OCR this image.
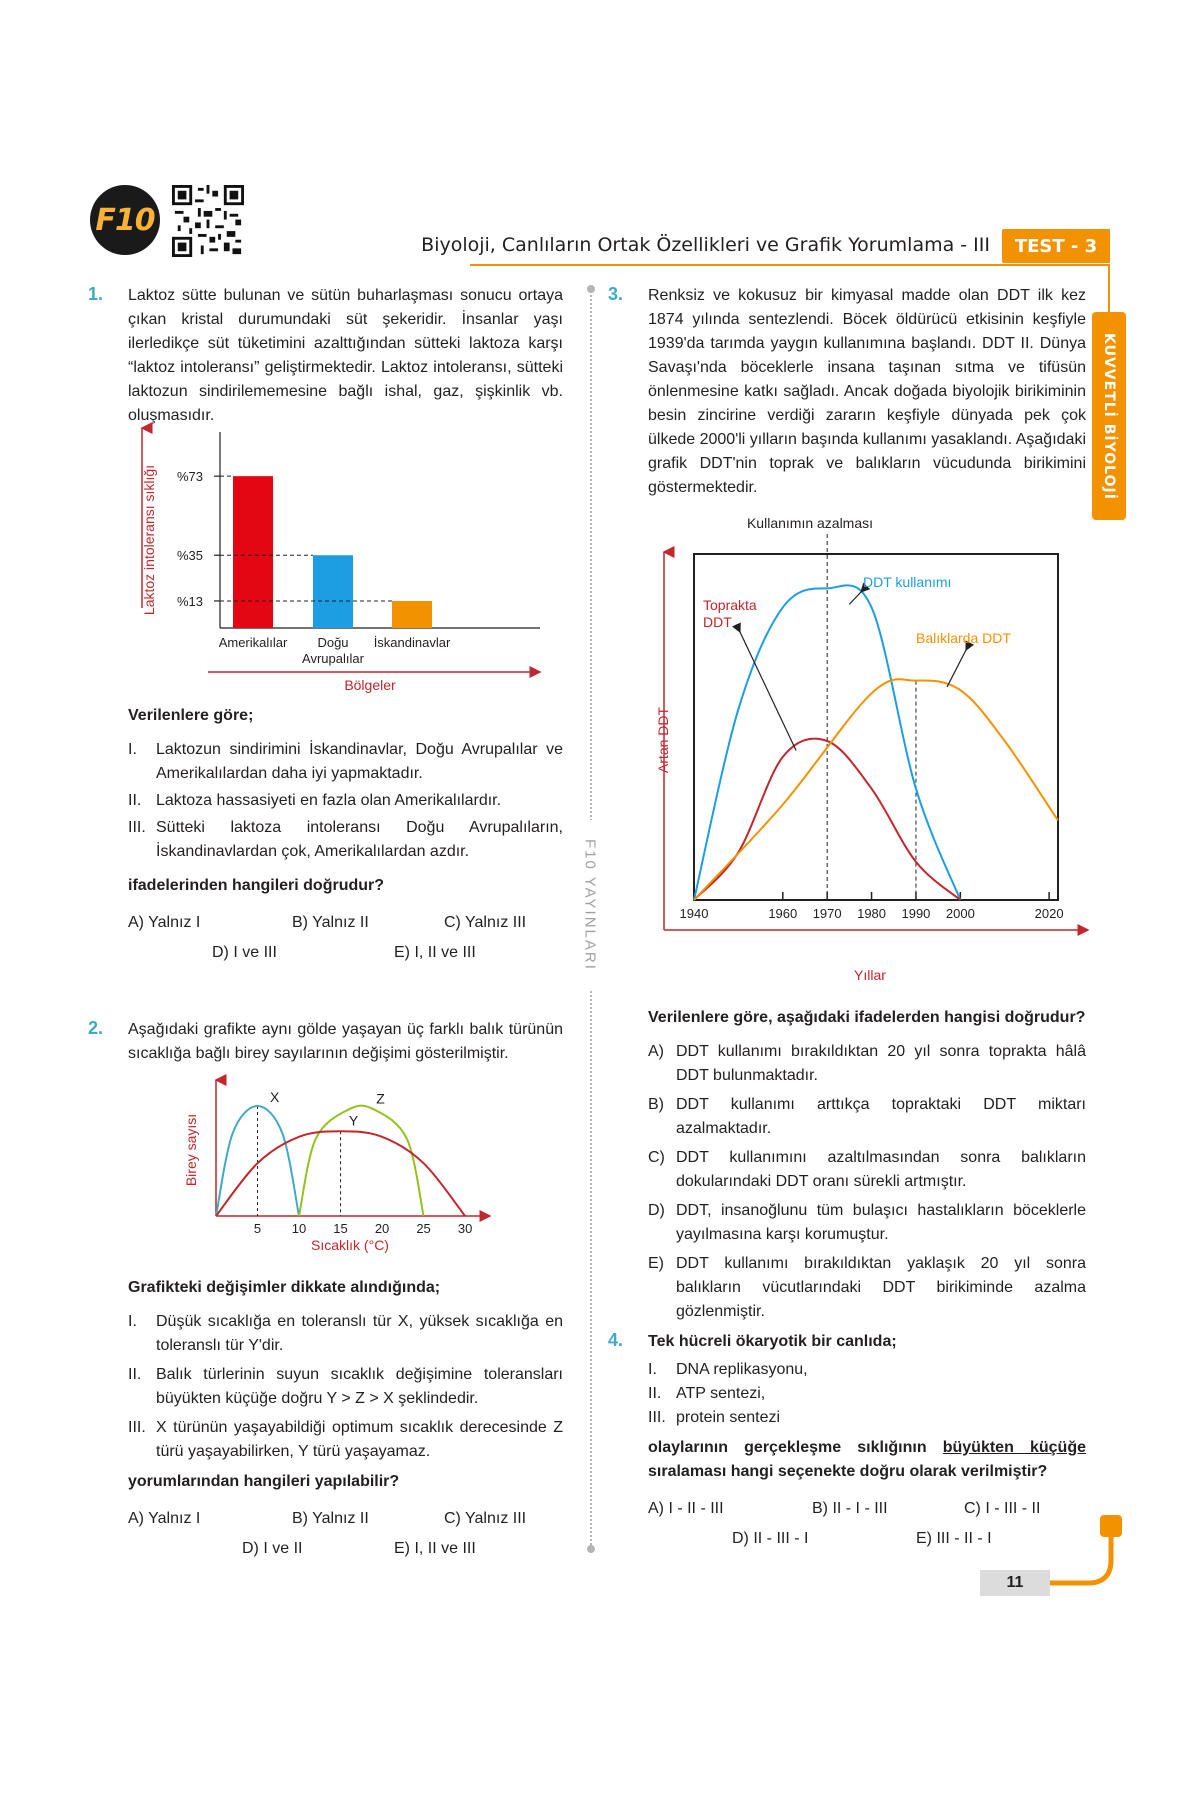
F10
Biyoloji, Canlıların Ortak Özellikleri ve Grafik Yorumlama - III	TEST - 3
KUVVETLİ BİYOLOJİ
F10 YAYINLARI
1. Laktoz sütte bulunan ve sütün buharlaşması sonucu ortaya çıkan kristal durumundaki süt şekeridir. İnsanlar yaşı ilerledikçe süt tüketimini azalttığından sütteki laktoza karşı “laktoz intoleransı” geliştirmektedir. Laktoz intoleransı, sütteki laktozun sindirilememesine bağlı ishal, gaz, şişkinlik vb. oluşmasıdır.
Laktoz intoleransı sıklığı
Bölgeler
%73
%35
%13
Amerikalılar	Doğu Avrupalılar
İskandinavlar
Verilenlere göre;
I.	Laktozun sindirimini İskandinavlar, Doğu Avrupalılar ve Amerikalılardan daha iyi yapmaktadır.
II. Laktoza hassasiyeti en fazla olan Amerikalılardır.
III. Sütteki laktoza intoleransı Doğu Avrupalıların, İskandinavlardan çok, Amerikalılardan azdır.
ifadelerinden hangileri doğrudur?
A) Yalnız I	B) Yalnız II	C) Yalnız III
D) I ve III	E) I, II ve III
2. Aşağıdaki grafikte aynı gölde yaşayan üç farklı balık türünün sıcaklığa bağlı birey sayılarının değişimi gösterilmiştir.
Birey sayısı
Sıcaklık (°C)
X	Z
Y
5 10 15 20 25 30
Grafikteki değişimler dikkate alındığında;
I.	Düşük sıcaklığa en toleranslı tür X, yüksek sıcaklığa en toleranslı tür Y'dir.
II. Balık türlerinin suyun sıcaklık değişimine toleransları büyükten küçüğe doğru Y > Z > X şeklindedir.
III. X türünün yaşayabildiği optimum sıcaklık derecesinde Z türü yaşayabilirken, Y türü yaşayamaz.
yorumlarından hangileri yapılabilir?
A) Yalnız I	B) Yalnız II	C) Yalnız III
D) I ve II	E) I, II ve III
3. Renksiz ve kokusuz bir kimyasal madde olan DDT ilk kez 1874 yılında sentezlendi. Böcek öldürücü etkisinin keşfiyle 1939'da tarımda yaygın kullanımına başlandı. DDT II. Dünya Savaşı'nda böceklerle insana taşınan sıtma ve tifüsün önlenmesine katkı sağladı. Ancak doğada biyolojik birikiminin besin zincirine verdiği zararın keşfiyle dünyada pek çok ülkede 2000'li yılların başında kullanımı yasaklandı. Aşağıdaki grafik DDT'nin toprak ve balıkların vücudunda birikimini göstermektedir.
Kullanımın azalması
Artan DDT
Yıllar
1940	1960 1970 1980 1990 2000	2020
DDT kullanımı
Toprakta DDT
Balıklarda DDT
Verilenlere göre, aşağıdaki ifadelerden hangisi doğrudur?
A) DDT kullanımı bırakıldıktan 20 yıl sonra toprakta hâlâ DDT bulunmaktadır.
B) DDT kullanımı arttıkça topraktaki DDT miktarı azalmaktadır.
C) DDT kullanımını azaltılmasından sonra balıkların dokularındaki DDT oranı sürekli artmıştır.
D) DDT, insanoğlunu tüm bulaşıcı hastalıkların böceklerle yayılmasına karşı korumuştur.
E) DDT kullanımı bırakıldıktan yaklaşık 20 yıl sonra balıkların vücutlarındaki DDT birikiminde azalma gözlenmiştir.
4. Tek hücreli ökaryotik bir canlıda;
I.	DNA replikasyonu,
II. ATP sentezi,
III. protein sentezi
olaylarının gerçekleşme sıklığının büyükten küçüğe sıralaması hangi seçenekte doğru olarak verilmiştir?
A) I - II - III	B) II - I - III	C) I - III - II
D) II - III - I	E) III - II - I
11
